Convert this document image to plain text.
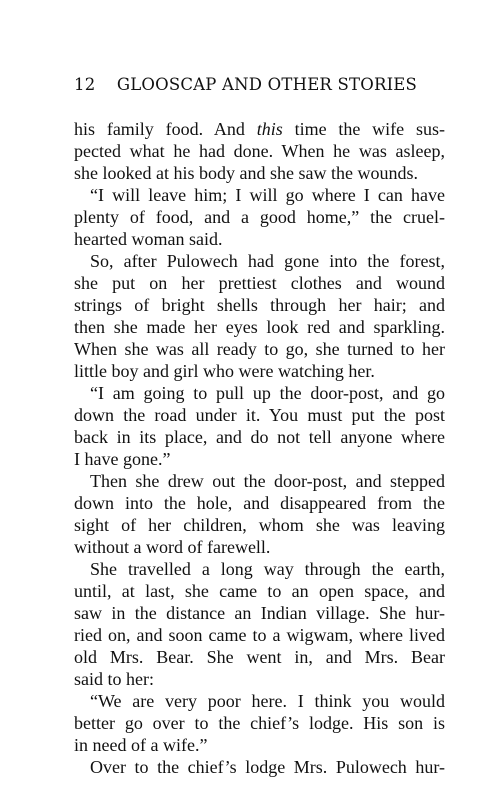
12 GLOOSCAP AND OTHER STORIES
his family food. And this time the wife sus-
pected what he had done. When he was asleep,
she looked at his body and she saw the wounds.
“I will leave him; I will go where I can have
plenty of food, and a good home,” the cruel-
hearted woman said.
So, after Pulowech had gone into the forest,
she put on her prettiest clothes and wound
strings of bright shells through her hair; and
then she made her eyes look red and sparkling.
When she was all ready to go, she turned to her
little boy and girl who were watching her.
“I am going to pull up the door-post, and go
down the road under it. You must put the post
back in its place, and do not tell anyone where
I have gone.”
Then she drew out the door-post, and stepped
down into the hole, and disappeared from the
sight of her children, whom she was leaving
without a word of farewell.
She travelled a long way through the earth,
until, at last, she came to an open space, and
saw in the distance an Indian village. She hur-
ried on, and soon came to a wigwam, where lived
old Mrs. Bear. She went in, and Mrs. Bear
said to her:
“We are very poor here. I think you would
better go over to the chief’s lodge. His son is
in need of a wife.”
Over to the chief’s lodge Mrs. Pulowech hur-
